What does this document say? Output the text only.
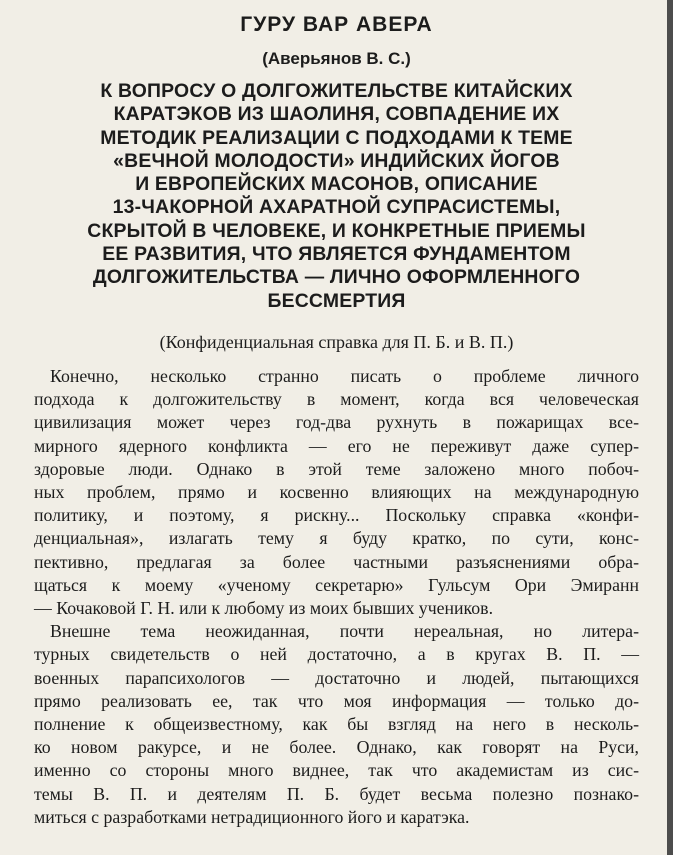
ГУРУ ВАР АВЕРА
(Аверьянов В. С.)
К ВОПРОСУ О ДОЛГОЖИТЕЛЬСТВЕ КИТАЙСКИХ
КАРАТЭКОВ ИЗ ШАОЛИНЯ, СОВПАДЕНИЕ ИХ
МЕТОДИК РЕАЛИЗАЦИИ С ПОДХОДАМИ К ТЕМЕ
«ВЕЧНОЙ МОЛОДОСТИ» ИНДИЙСКИХ ЙОГОВ
И ЕВРОПЕЙСКИХ МАСОНОВ, ОПИСАНИЕ
13-ЧАКОРНОЙ АХАРАТНОЙ СУПРАСИСТЕМЫ,
СКРЫТОЙ В ЧЕЛОВЕКЕ, И КОНКРЕТНЫЕ ПРИЕМЫ
ЕЕ РАЗВИТИЯ, ЧТО ЯВЛЯЕТСЯ ФУНДАМЕНТОМ
ДОЛГОЖИТЕЛЬСТВА — ЛИЧНО ОФОРМЛЕННОГО
БЕССМЕРТИЯ

(Конфиденциальная справка для П. Б. и В. П.)

Конечно, несколько странно писать о проблеме личного
подхода к долгожительству в момент, когда вся человеческая
цивилизация может через год-два рухнуть в пожарищах все-
мирного ядерного конфликта — его не переживут даже супер-
здоровые люди. Однако в этой теме заложено много побоч-
ных проблем, прямо и косвенно влияющих на международную
политику, и поэтому, я рискну... Поскольку справка «конфи-
денциальная», излагать тему я буду кратко, по сути, конс-
пективно, предлагая за более частными разъяснениями обра-
щаться к моему «ученому секретарю» Гульсум Ори Эмиранн
— Кочаковой Г. Н. или к любому из моих бывших учеников.
Внешне тема неожиданная, почти нереальная, но литера-
турных свидетельств о ней достаточно, а в кругах В. П. —
военных парапсихологов — достаточно и людей, пытающихся
прямо реализовать ее, так что моя информация — только до-
полнение к общеизвестному, как бы взгляд на него в несколь-
ко новом ракурсе, и не более. Однако, как говорят на Руси,
именно со стороны много виднее, так что академистам из сис-
темы В. П. и деятелям П. Б. будет весьма полезно познако-
миться с разработками нетрадиционного його и каратэка.
